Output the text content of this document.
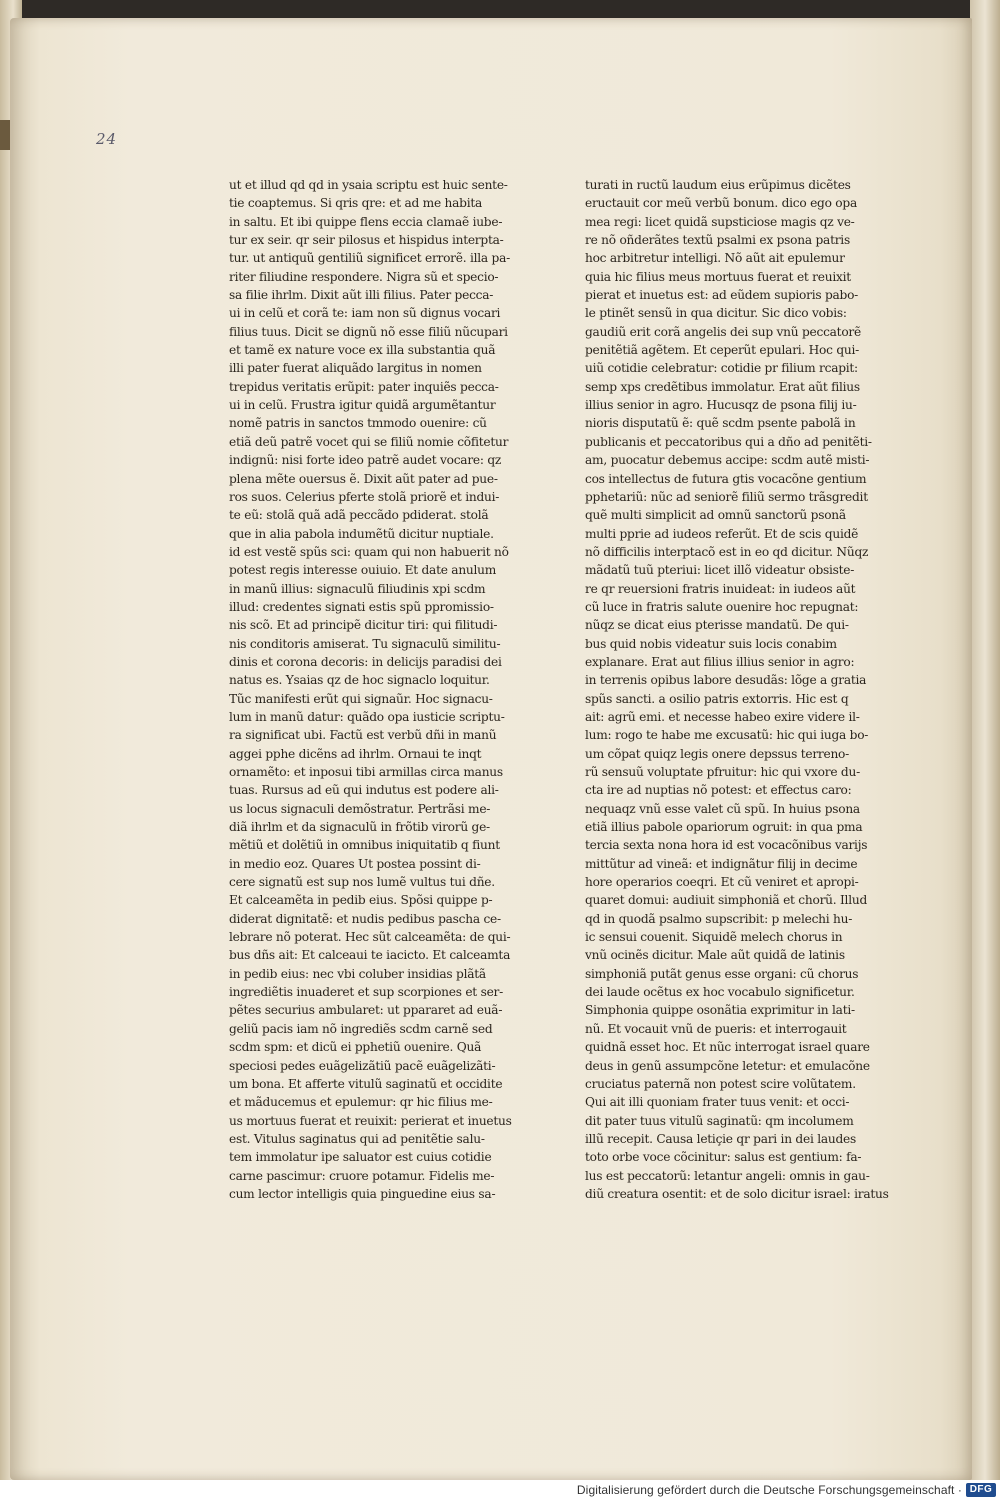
24
ut et illud qd qd in ysaia scriptu est huic sente-
tie coaptemus. Si qris qre: et ad me habita
in saltu. Et ibi quippe flens eccia clamaẽ iube-
tur ex seir. qr seir pilosus et hispidus interpta-
tur. ut antiquũ gentiliũ significet errorẽ. illa pa-
riter filiudine respondere. Nigra sũ et specio-
sa filie ihrlm. Dixit aũt illi filius. Pater pecca-
ui in celũ et corã te: iam non sũ dignus vocari
filius tuus. Dicit se dignũ nõ esse filiũ nũcupari
et tamẽ ex nature voce ex illa substantia quã
illi pater fuerat aliquãdo largitus in nomen
trepidus veritatis erũpit: pater inquiẽs pecca-
ui in celũ. Frustra igitur quidã argumẽtantur
nomẽ patris in sanctos tmmodo ouenire: cũ
etiã deũ patrẽ vocet qui se filiũ nomie cõfitetur
indignũ: nisi forte ideo patrẽ audet vocare: qz
plena mẽte ouersus ẽ. Dixit aũt pater ad pue-
ros suos. Celerius pferte stolã priorẽ et indui-
te eũ: stolã quã adã peccãdo pdiderat. stolã
que in alia pabola indumẽtũ dicitur nuptiale.
id est vestẽ spũs sci: quam qui non habuerit nõ
potest regis interesse ouiuio. Et date anulum
in manũ illius: signaculũ filiudinis xpi scdm
illud: credentes signati estis spũ ppromissio-
nis scõ. Et ad principẽ dicitur tiri: qui filitudi-
nis conditoris amiserat. Tu signaculũ similitu-
dinis et corona decoris: in delicijs paradisi dei
natus es. Ysaias qz de hoc signaclo loquitur.
Tũc manifesti erũt qui signaũr. Hoc signacu-
lum in manũ datur: quãdo opa iusticie scriptu-
ra significat ubi. Factũ est verbũ dñi in manũ
aggei pphe dicẽns ad ihrlm. Ornaui te inqt
ornamẽto: et inposui tibi armillas circa manus
tuas. Rursus ad eũ qui indutus est podere ali-
us locus signaculi demõstratur. Pertrãsi me-
diã ihrlm et da signaculũ in frõtib virorũ ge-
mẽtiũ et dolẽtiũ in omnibus iniquitatib q fiunt
in medio eoz. Quares Ut postea possint di-
cere signatũ est sup nos lumẽ vultus tui dñe.
Et calceamẽta in pedib eius. Spõsi quippe p-
diderat dignitatẽ: et nudis pedibus pascha ce-
lebrare nõ poterat. Hec sũt calceamẽta: de qui-
bus dñs ait: Et calceaui te iacicto. Et calceamta
in pedib eius: nec vbi coluber insidias plãtã
ingrediẽtis inuaderet et sup scorpiones et ser-
pẽtes securius ambularet: ut ppararet ad euã-
geliũ pacis iam nõ ingrediẽs scdm carnẽ sed
scdm spm: et dicũ ei pphetiũ ouenire. Quã
speciosi pedes euãgelizãtiũ pacẽ euãgelizãti-
um bona. Et afferte vitulũ saginatũ et occidite
et mãducemus et epulemur: qr hic filius me-
us mortuus fuerat et reuixit: perierat et inuetus
est. Vitulus saginatus qui ad penitẽtie salu-
tem immolatur ipe saluator est cuius cotidie
carne pascimur: cruore potamur. Fidelis me-
cum lector intelligis quia pinguedine eius sa-
turati in ructũ laudum eius erũpimus dicẽtes
eructauit cor meũ verbũ bonum. dico ego opa
mea regi: licet quidã supsticiose magis qz ve-
re nõ oñderãtes textũ psalmi ex psona patris
hoc arbitretur intelligi. Nõ aũt ait epulemur
quia hic filius meus mortuus fuerat et reuixit
pierat et inuetus est: ad eũdem supioris pabo-
le ptinẽt sensũ in qua dicitur. Sic dico vobis:
gaudiũ erit corã angelis dei sup vnũ peccatorẽ
penitẽtiã agẽtem. Et ceperũt epulari. Hoc qui-
uiũ cotidie celebratur: cotidie pr filium rcapit:
semp xps credẽtibus immolatur. Erat aũt filius
illius senior in agro. Hucusqz de psona filij iu-
nioris disputatũ ẽ: quẽ scdm psente pabolã in
publicanis et peccatoribus qui a dño ad penitẽti-
am, puocatur debemus accipe: scdm autẽ misti-
cos intellectus de futura gtis vocacõne gentium
pphetariũ: nũc ad seniorẽ filiũ sermo trãsgredit
quẽ multi simplicit ad omnũ sanctorũ psonã
multi pprie ad iudeos referũt. Et de scis quidẽ
nõ difficilis interptacõ est in eo qd dicitur. Nũqz
mãdatũ tuũ pteriui: licet illõ videatur obsiste-
re qr reuersioni fratris inuideat: in iudeos aũt
cũ luce in fratris salute ouenire hoc repugnat:
nũqz se dicat eius pterisse mandatũ. De qui-
bus quid nobis videatur suis locis conabim
explanare. Erat aut filius illius senior in agro:
in terrenis opibus labore desudãs: lõge a gratia
spũs sancti. a osilio patris extorris. Hic est q
ait: agrũ emi. et necesse habeo exire videre il-
lum: rogo te habe me excusatũ: hic qui iuga bo-
um cõpat quiqz legis onere depssus terreno-
rũ sensuũ voluptate pfruitur: hic qui vxore du-
cta ire ad nuptias nõ potest: et effectus caro:
nequaqz vnũ esse valet cũ spũ. In huius psona
etiã illius pabole opariorum ogruit: in qua pma
tercia sexta nona hora id est vocacõnibus varijs
mittũtur ad vineã: et indignãtur filij in decime
hore operarios coeqri. Et cũ veniret et apropi-
quaret domui: audiuit simphoniã et chorũ. Illud
qd in quodã psalmo supscribit: p melechi hu-
ic sensui couenit. Siquidẽ melech chorus in
vnũ ocinẽs dicitur. Male aũt quidã de latinis
simphoniã putãt genus esse organi: cũ chorus
dei laude ocẽtus ex hoc vocabulo significetur.
Simphonia quippe osonãtia exprimitur in lati-
nũ. Et vocauit vnũ de pueris: et interrogauit
quidnã esset hoc. Et nũc interrogat israel quare
deus in genũ assumpcõne letetur: et emulacõne
cruciatus paternã non potest scire volũtatem.
Qui ait illi quoniam frater tuus venit: et occi-
dit pater tuus vitulũ saginatũ: qm incolumem
illũ recepit. Causa letiçie qr pari in dei laudes
toto orbe voce cõcinitur: salus est gentium: fa-
lus est peccatorũ: letantur angeli: omnis in gau-
diũ creatura osentit: et de solo dicitur israel: iratus
Digitalisierung gefördert durch die Deutsche Forschungsgemeinschaft · DFG
